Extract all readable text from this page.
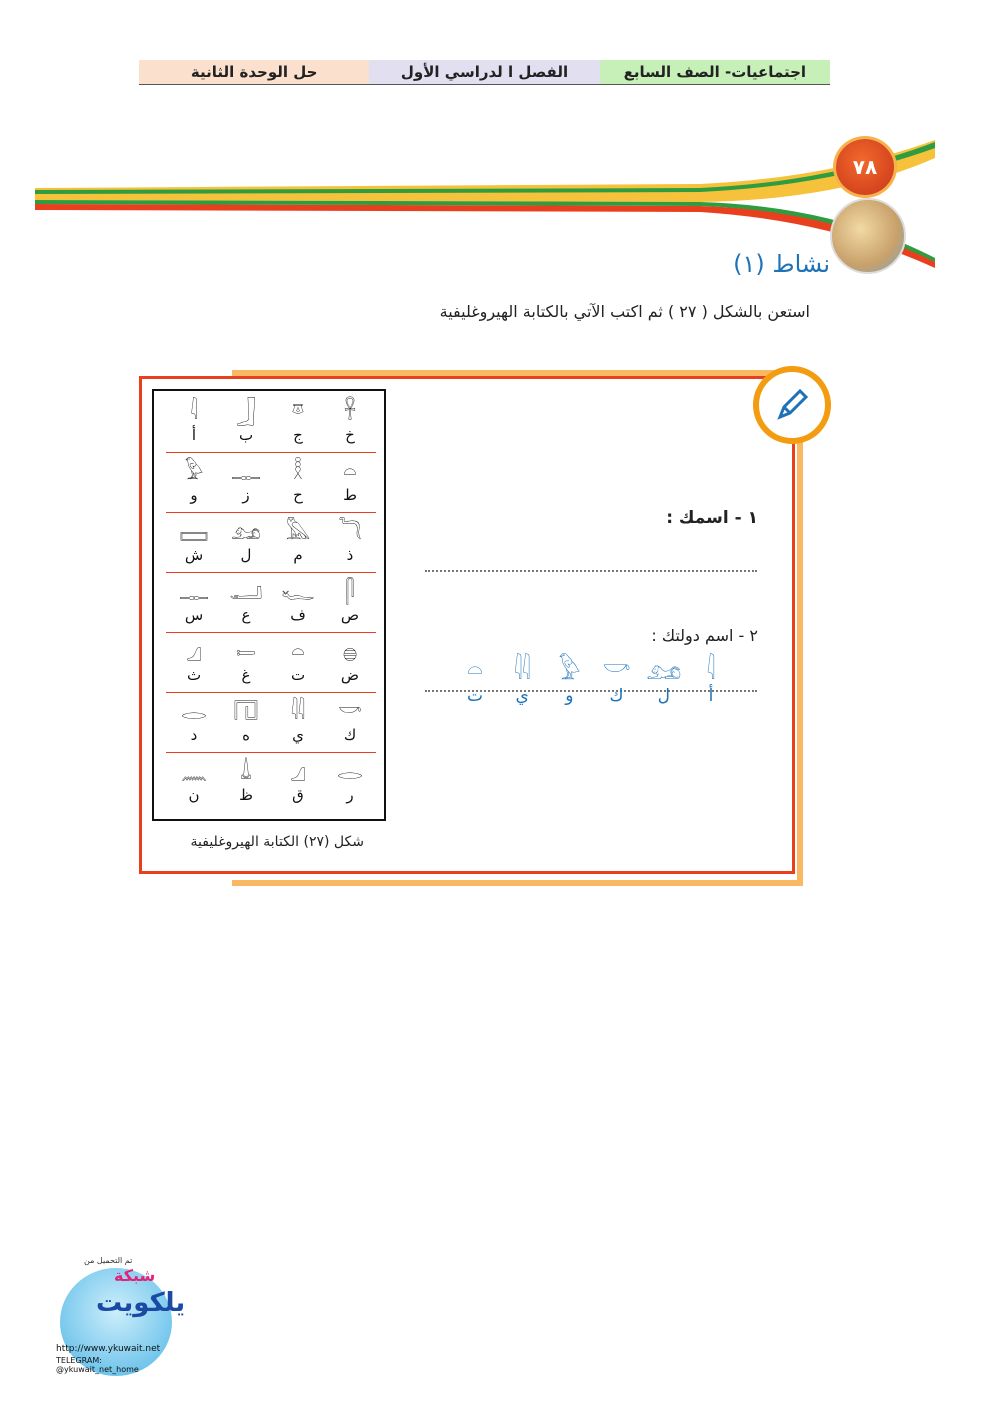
اجتماعيات- الصف السابع
الفصل ا لدراسي الأول
حل الوحدة الثانية
٧٨
نشاط (١)
استعن بالشكل ( ٢٧ ) ثم اكتب الآتي بالكتابة الهيروغليفية
𓋹
خ
𓎼
ج
𓃀
ب
𓇋
أ
𓏏
ط
𓎛
ح
𓊃
ز
𓅱
و
𓆓
ذ
𓅓
م
𓃭
ل
𓈙
ش
𓋴
ص
𓆑
ف
𓂝
ع
𓊃
س
𓐍
ض
𓏏
ت
𓍿
غ
𓈎
ث
𓎡
ك
𓇌
ي
𓉔
ه
𓂋
د
𓂋
ر
𓈎
ق
𓍑
ظ
𓈖
ن
شكل (٢٧) الكتابة الهيروغليفية
١ - اسمك :
٢ - اسم دولتك :
𓇋
أ
𓃭
ل
𓎡
ك
𓅱
و
𓇌
ي
𓏏
ت
تم التحميل من
شبكة
يلكويت
http://www.ykuwait.net
TELEGRAM: @ykuwait_net_home
